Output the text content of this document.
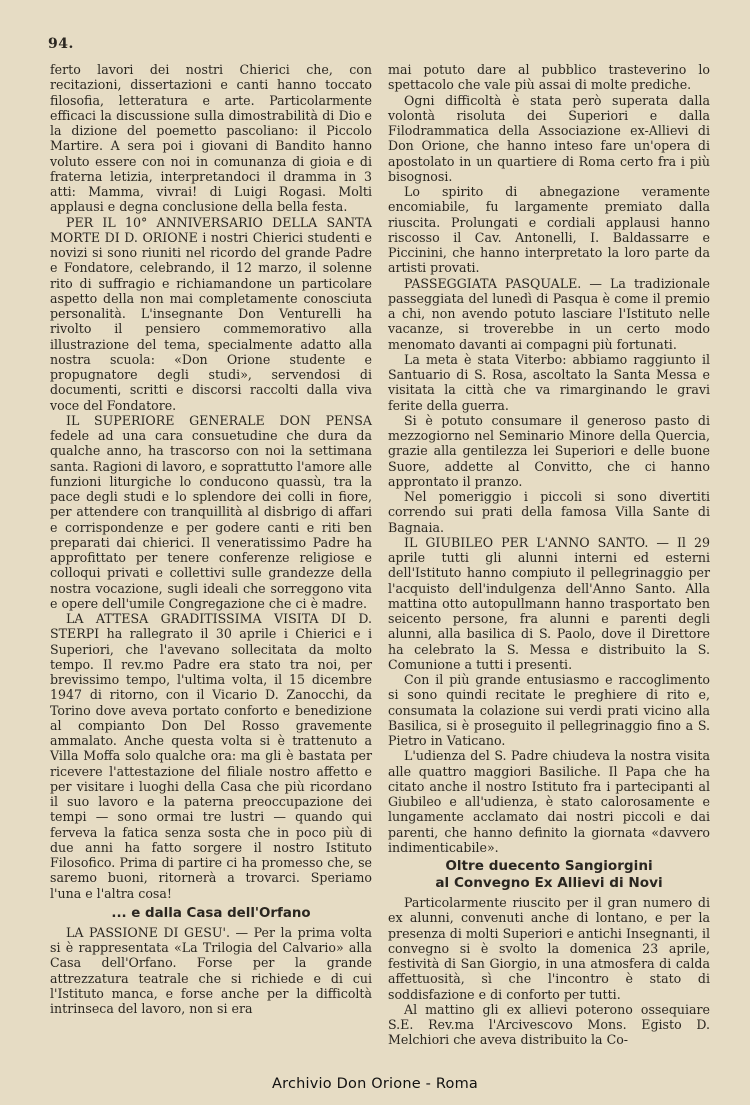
94.

ferto lavori dei nostri Chierici che, con recitazioni, dissertazioni e canti hanno toccato filosofia, letteratura e arte. Particolarmente efficaci la discussione sulla dimostrabilità di Dio e la dizione del poemetto pascoliano: il Piccolo Martire. A sera poi i giovani di Bandito hanno voluto essere con noi in comunanza di gioia e di fraterna letizia, interpretandoci il dramma in 3 atti: Mamma, vivrai! di Luigi Rogasi. Molti applausi e degna conclusione della bella festa.

PER IL 10° ANNIVERSARIO DELLA SANTA MORTE DI D. ORIONE i nostri Chierici studenti e novizi si sono riuniti nel ricordo del grande Padre e Fondatore, celebrando, il 12 marzo, il solenne rito di suffragio e richiamandone un particolare aspetto della non mai completamente conosciuta personalità. L'insegnante Don Venturelli ha rivolto il pensiero commemorativo alla illustrazione del tema, specialmente adatto alla nostra scuola: «Don Orione studente e propugnatore degli studi», servendosi di documenti, scritti e discorsi raccolti dalla viva voce del Fondatore.

IL SUPERIORE GENERALE DON PENSA fedele ad una cara consuetudine che dura da qualche anno, ha trascorso con noi la settimana santa. Ragioni di lavoro, e soprattutto l'amore alle funzioni liturgiche lo conducono quassù, tra la pace degli studi e lo splendore dei colli in fiore, per attendere con tranquillità al disbrigo di affari e corrispondenze e per godere canti e riti ben preparati dai chierici. Il veneratissimo Padre ha approfittato per tenere conferenze religiose e colloqui privati e collettivi sulle grandezze della nostra vocazione, sugli ideali che sorreggono vita e opere dell'umile Congregazione che ci è madre.

LA ATTESA GRADITISSIMA VISITA DI D. STERPI ha rallegrato il 30 aprile i Chierici e i Superiori, che l'avevano sollecitata da molto tempo. Il rev.mo Padre era stato tra noi, per brevissimo tempo, l'ultima volta, il 15 dicembre 1947 di ritorno, con il Vicario D. Zanocchi, da Torino dove aveva portato conforto e benedizione al compianto Don Del Rosso gravemente ammalato. Anche questa volta si è trattenuto a Villa Moffa solo qualche ora: ma gli è bastata per ricevere l'attestazione del filiale nostro affetto e per visitare i luoghi della Casa che più ricordano il suo lavoro e la paterna preoccupazione dei tempi — sono ormai tre lustri — quando qui ferveva la fatica senza sosta che in poco più di due anni ha fatto sorgere il nostro Istituto Filosofico. Prima di partire ci ha promesso che, se saremo buoni, ritornerà a trovarci. Speriamo l'una e l'altra cosa!

... e dalla Casa dell'Orfano

LA PASSIONE DI GESU'. — Per la prima volta si è rappresentata «La Trilogia del Calvario» alla Casa dell'Orfano. Forse per la grande attrezzatura teatrale che si richiede e di cui l'Istituto manca, e forse anche per la difficoltà intrinseca del lavoro, non si era

mai potuto dare al pubblico trasteverino lo spettacolo che vale più assai di molte prediche.

Ogni difficoltà è stata però superata dalla volontà risoluta dei Superiori e dalla Filodrammatica della Associazione ex-Allievi di Don Orione, che hanno inteso fare un'opera di apostolato in un quartiere di Roma certo fra i più bisognosi.

Lo spirito di abnegazione veramente encomiabile, fu largamente premiato dalla riuscita. Prolungati e cordiali applausi hanno riscosso il Cav. Antonelli, I. Baldassarre e Piccinini, che hanno interpretato la loro parte da artisti provati.

PASSEGGIATA PASQUALE. — La tradizionale passeggiata del lunedì di Pasqua è come il premio a chi, non avendo potuto lasciare l'Istituto nelle vacanze, si troverebbe in un certo modo menomato davanti ai compagni più fortunati.

La meta è stata Viterbo: abbiamo raggiunto il Santuario di S. Rosa, ascoltato la Santa Messa e visitata la città che va rimarginando le gravi ferite della guerra.

Si è potuto consumare il generoso pasto di mezzogiorno nel Seminario Minore della Quercia, grazie alla gentilezza lei Superiori e delle buone Suore, addette al Convitto, che ci hanno approntato il pranzo.

Nel pomeriggio i piccoli si sono divertiti correndo sui prati della famosa Villa Sante di Bagnaia.

IL GIUBILEO PER L'ANNO SANTO. — Il 29 aprile tutti gli alunni interni ed esterni dell'Istituto hanno compiuto il pellegrinaggio per l'acquisto dell'indulgenza dell'Anno Santo. Alla mattina otto autopullmann hanno trasportato ben seicento persone, fra alunni e parenti degli alunni, alla basilica di S. Paolo, dove il Direttore ha celebrato la S. Messa e distribuito la S. Comunione a tutti i presenti.

Con il più grande entusiasmo e raccoglimento si sono quindi recitate le preghiere di rito e, consumata la colazione sui verdi prati vicino alla Basilica, si è proseguito il pellegrinaggio fino a S. Pietro in Vaticano.

L'udienza del S. Padre chiudeva la nostra visita alle quattro maggiori Basiliche. Il Papa che ha citato anche il nostro Istituto fra i partecipanti al Giubileo e all'udienza, è stato calorosamente e lungamente acclamato dai nostri piccoli e dai parenti, che hanno definito la giornata «davvero indimenticabile».

Oltre duecento Sangiorgini
al Convegno Ex Allievi di Novi

Particolarmente riuscito per il gran numero di ex alunni, convenuti anche di lontano, e per la presenza di molti Superiori e antichi Insegnanti, il convegno si è svolto la domenica 23 aprile, festività di San Giorgio, in una atmosfera di calda affettuosità, sì che l'incontro è stato di soddisfazione e di conforto per tutti.

Al mattino gli ex allievi poterono ossequiare S.E. Rev.ma l'Arcivescovo Mons. Egisto D. Melchiori che aveva distribuito la Co-

Archivio Don Orione - Roma
